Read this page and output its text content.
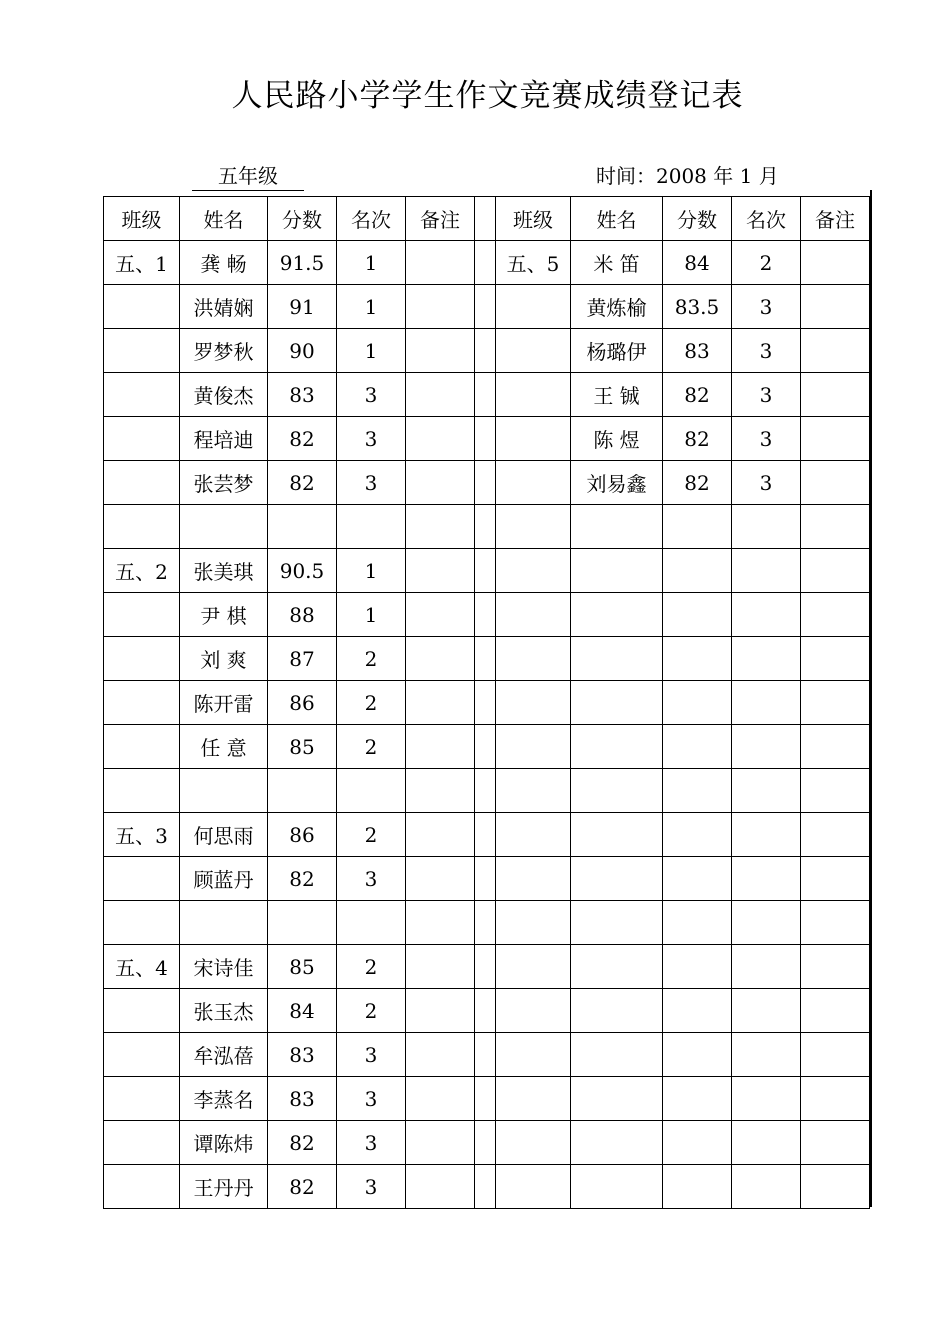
人民路小学学生作文竞赛成绩登记表
五年级	时间：2008 年 1 月
班级	姓名	分数	名次	备注		班级	姓名	分数	名次	备注
五、1	龚 畅	91.5	1			五、5	米 笛	84	2	
	洪婧娴	91	1				黄炼榆	83.5	3	
	罗梦秋	90	1				杨璐伊	83	3	
	黄俊杰	83	3				王 铖	82	3	
	程培迪	82	3				陈 煜	82	3	
	张芸梦	82	3				刘易鑫	82	3	

五、2	张美琪	90.5	1							
	尹 棋	88	1							
	刘 爽	87	2							
	陈开雷	86	2							
	任 意	85	2							

五、3	何思雨	86	2							
	顾蓝丹	82	3							

五、4	宋诗佳	85	2							
	张玉杰	84	2							
	牟泓蓓	83	3							
	李蒸名	83	3							
	谭陈炜	82	3							
	王丹丹	82	3							
